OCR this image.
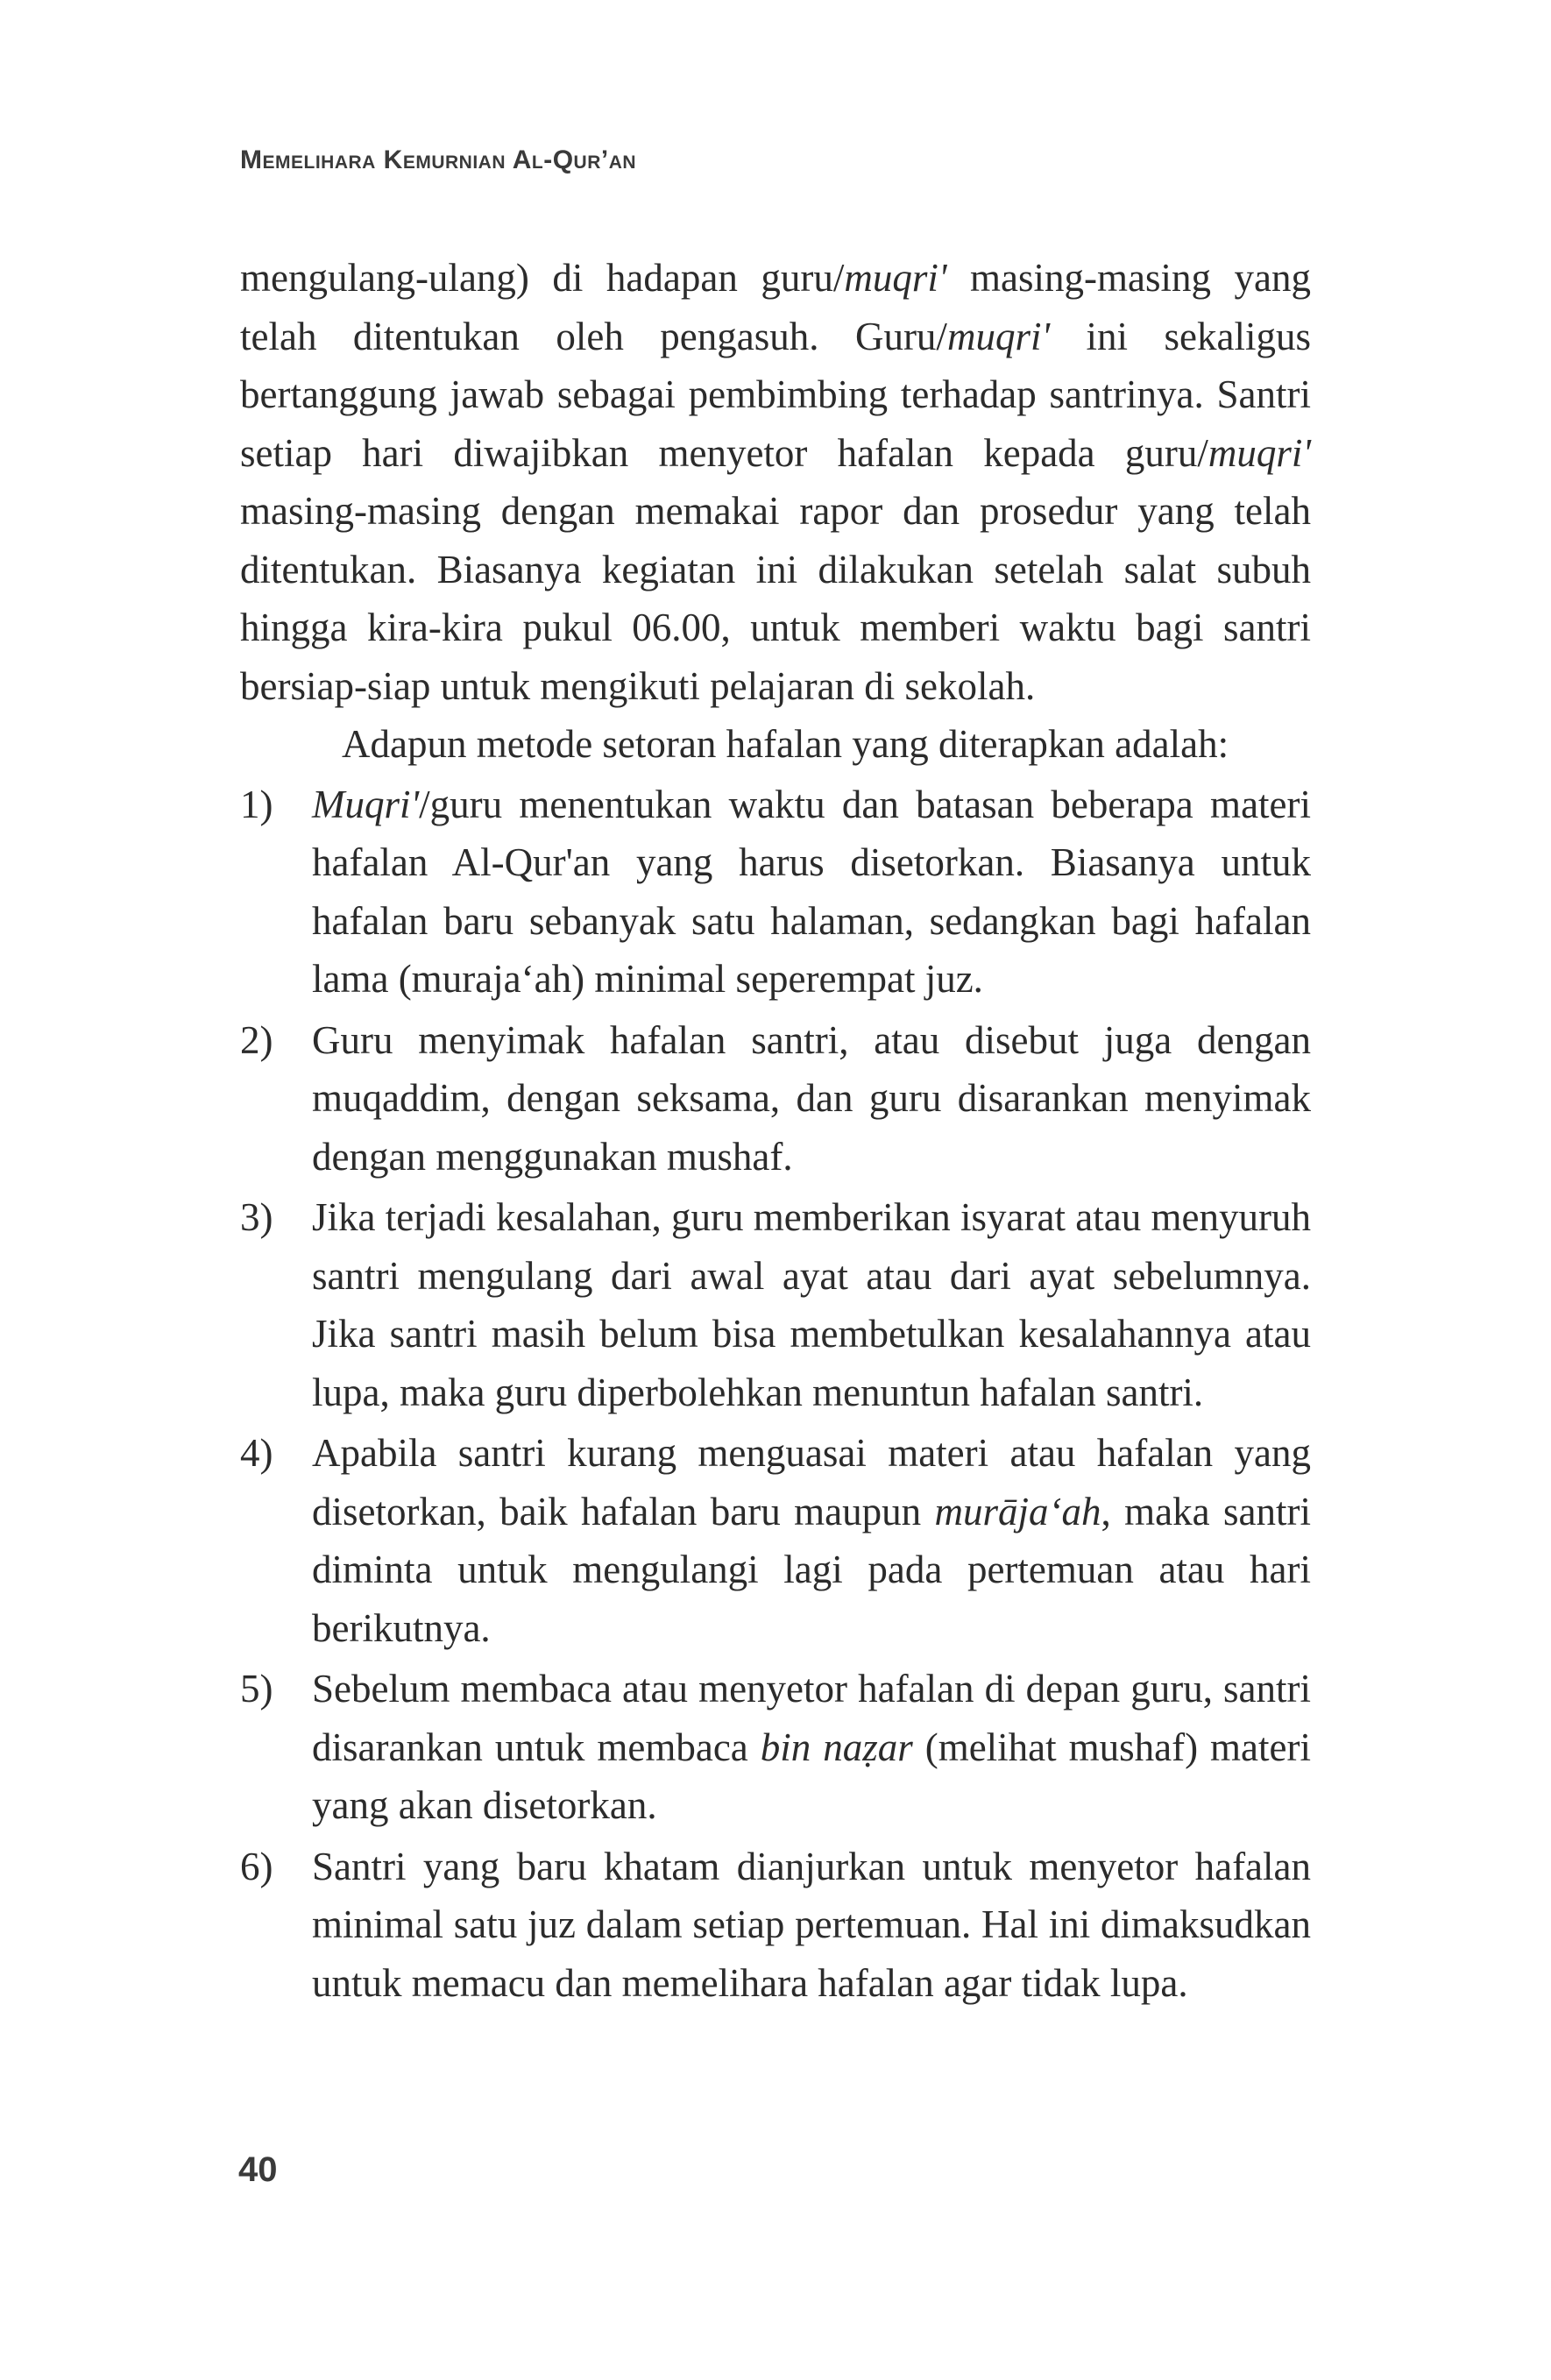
Memelihara Kemurnian Al-Qur’an

mengulang-ulang) di hadapan guru/muqri' masing-masing yang telah ditentukan oleh pengasuh. Guru/muqri' ini sekaligus bertanggung jawab sebagai pembimbing terhadap santrinya. Santri setiap hari diwajibkan menyetor hafalan kepada guru/muqri' masing-masing dengan memakai rapor dan prosedur yang telah ditentukan. Biasanya kegiatan ini dilakukan setelah salat subuh hingga kira-kira pukul 06.00, untuk memberi waktu bagi santri bersiap-siap untuk mengikuti pelajaran di sekolah.

Adapun metode setoran hafalan yang diterapkan adalah:

1) Muqri'/guru menentukan waktu dan batasan beberapa materi hafalan Al-Qur'an yang harus disetorkan. Biasanya untuk hafalan baru sebanyak satu halaman, sedangkan bagi hafalan lama (muraja‘ah) minimal seperempat juz.
2) Guru menyimak hafalan santri, atau disebut juga dengan muqaddim, dengan seksama, dan guru disarankan menyimak dengan menggunakan mushaf.
3) Jika terjadi kesalahan, guru memberikan isyarat atau menyuruh santri mengulang dari awal ayat atau dari ayat sebelumnya. Jika santri masih belum bisa membetulkan kesalahannya atau lupa, maka guru diperbolehkan menuntun hafalan santri.
4) Apabila santri kurang menguasai materi atau hafalan yang disetorkan, baik hafalan baru maupun murāja‘ah, maka santri diminta untuk mengulangi lagi pada pertemuan atau hari berikutnya.
5) Sebelum membaca atau menyetor hafalan di depan guru, santri disarankan untuk membaca bin naẓar (melihat mushaf) materi yang akan disetorkan.
6) Santri yang baru khatam dianjurkan untuk menyetor hafalan minimal satu juz dalam setiap pertemuan. Hal ini dimaksudkan untuk memacu dan memelihara hafalan agar tidak lupa.
40
